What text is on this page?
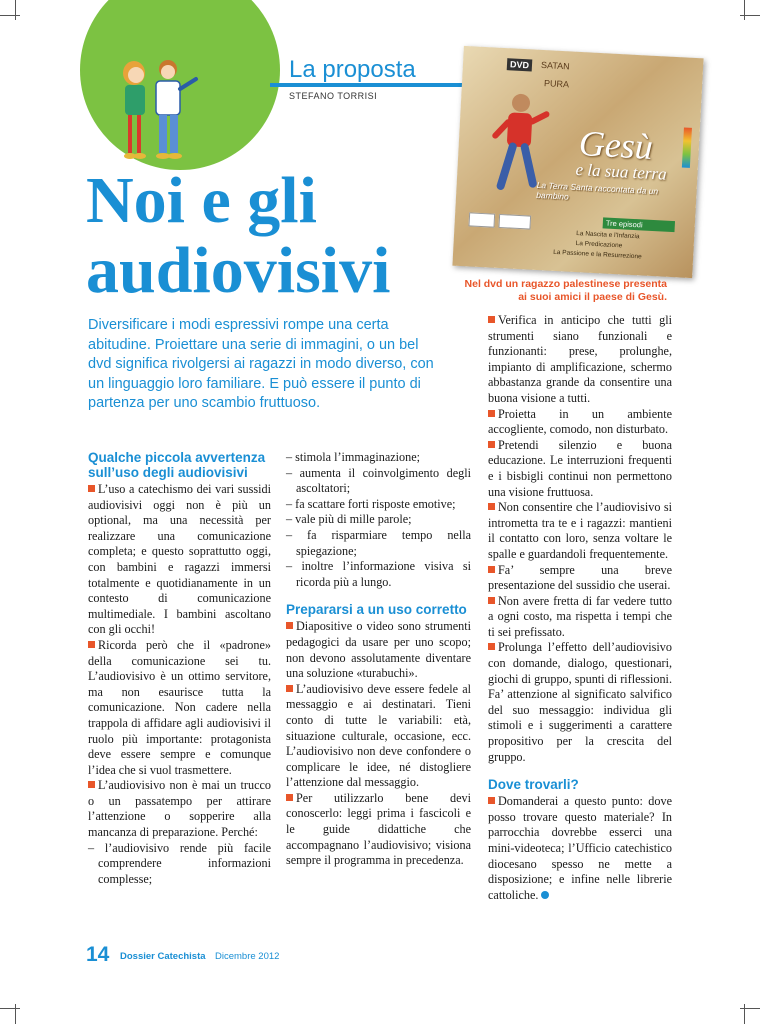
La proposta
STEFANO TORRISI
Noi e gli
audiovisivi
DVD	SATAN
PURA
Gesù
e la sua terra
La Terra Santa raccontata da un bambino
Tre episodi
La Nascita e l'Infanzia
La Predicazione
La Passione e la Resurrezione
Nel dvd un ragazzo palestinese presenta
ai suoi amici il paese di Gesù.
Diversificare i modi espressivi rompe una certa abitudine. Proiettare una serie di immagini, o un bel dvd significa rivolgersi ai ragazzi in modo diverso, con un linguaggio loro familiare. E può essere il punto di partenza per uno scambio fruttuoso.
Qualche piccola avvertenza sull’uso degli audiovisivi

L’uso a catechismo dei vari sussidi audiovisivi oggi non è più un optional, ma una necessità per realizzare una comunicazione completa; e questo soprattutto oggi, con bambini e ragazzi immersi totalmente e quotidianamente in un contesto di comunicazione multimediale. I bambini ascoltano con gli occhi!

Ricorda però che il «padrone» della comunicazione sei tu. L’audiovisivo è un ottimo servitore, ma non esaurisce tutta la comunicazione. Non cadere nella trappola di affidare agli audiovisivi il ruolo più importante: protagonista deve essere sempre e comunque l’idea che si vuol trasmettere.

L’audiovisivo non è mai un trucco o un passatempo per attirare l’attenzione o sopperire alla mancanza di preparazione. Perché:

– l’audiovisivo rende più facile comprendere informazioni complesse;

– stimola l’immaginazione;

– aumenta il coinvolgimento degli ascoltatori;

– fa scattare forti risposte emotive;

– vale più di mille parole;

– fa risparmiare tempo nella spiegazione;

– inoltre l’informazione visiva si ricorda più a lungo.

Prepararsi a un uso corretto

Diapositive o video sono strumenti pedagogici da usare per uno scopo; non devono assolutamente diventare una soluzione «turabuchi».

L’audiovisivo deve essere fedele al messaggio e ai destinatari. Tieni conto di tutte le variabili: età, situazione culturale, occasione, ecc. L’audiovisivo non deve confondere o complicare le idee, né distogliere l’attenzione dal messaggio.

Per utilizzarlo bene devi conoscerlo: leggi prima i fascicoli e le guide didattiche che accompagnano l’audiovisivo; visiona sempre il programma in precedenza.

Verifica in anticipo che tutti gli strumenti siano funzionali e funzionanti: prese, prolunghe, impianto di amplificazione, schermo abbastanza grande da consentire una buona visione a tutti.

Proietta in un ambiente accogliente, comodo, non disturbato.

Pretendi silenzio e buona educazione. Le interruzioni frequenti e i bisbigli continui non permettono una visione fruttuosa.

Non consentire che l’audiovisivo si intrometta tra te e i ragazzi: mantieni il contatto con loro, senza voltare le spalle e guardandoli frequentemente.

Fa’ sempre una breve presentazione del sussidio che userai.

Non avere fretta di far vedere tutto a ogni costo, ma rispetta i tempi che ti sei prefissato.

Prolunga l’effetto dell’audiovisivo con domande, dialogo, questionari, giochi di gruppo, spunti di riflessioni. Fa’ attenzione al significato salvifico del suo messaggio: individua gli stimoli e i suggerimenti a carattere propositivo per la crescita del gruppo.

Dove trovarli?

Domanderai a questo punto: dove posso trovare questo materiale? In parrocchia dovrebbe esserci una mini-videoteca; l’Ufficio catechistico diocesano spesso ne mette a disposizione; e infine nelle librerie cattoliche.

14 Dossier Catechista Dicembre 2012
